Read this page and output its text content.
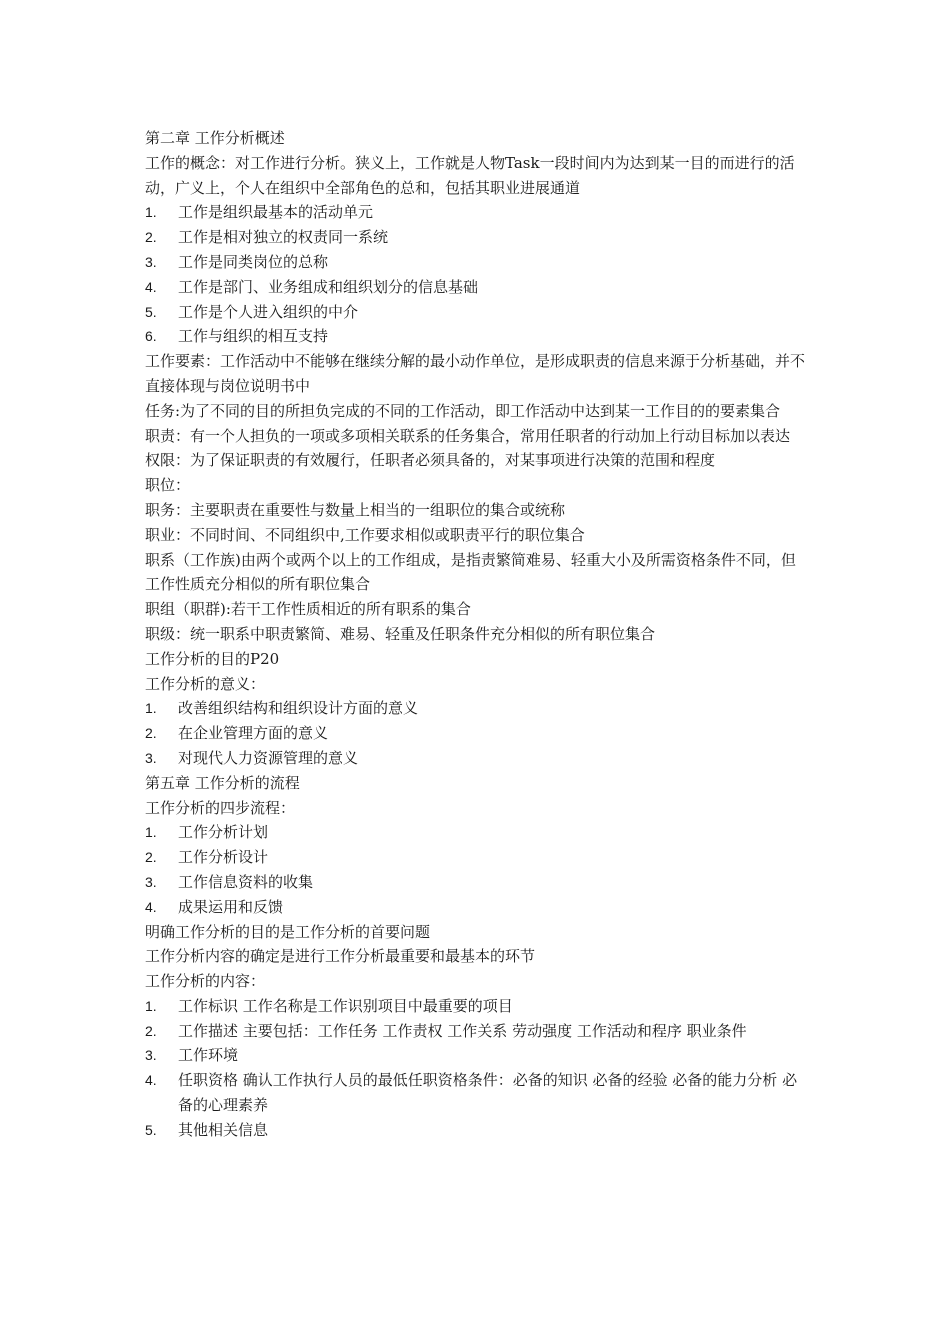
第二章 工作分析概述

工作的概念：对工作进行分析。狭义上，工作就是人物Task一段时间内为达到某一目的而进行的活动，广义上，个人在组织中全部角色的总和，包括其职业进展通道

1.	工作是组织最基本的活动单元
2.	工作是相对独立的权责同一系统
3.	工作是同类岗位的总称
4.	工作是部门、业务组成和组织划分的信息基础
5.	工作是个人进入组织的中介
6.	工作与组织的相互支持

工作要素：工作活动中不能够在继续分解的最小动作单位，是形成职责的信息来源于分析基础，并不直接体现与岗位说明书中

任务:为了不同的目的所担负完成的不同的工作活动，即工作活动中达到某一工作目的的要素集合

职责：有一个人担负的一项或多项相关联系的任务集合，常用任职者的行动加上行动目标加以表达

权限：为了保证职责的有效履行，任职者必须具备的，对某事项进行决策的范围和程度

职位：

职务：主要职责在重要性与数量上相当的一组职位的集合或统称

职业：不同时间、不同组织中,工作要求相似或职责平行的职位集合

职系（工作族)由两个或两个以上的工作组成，是指责繁简难易、轻重大小及所需资格条件不同，但工作性质充分相似的所有职位集合

职组（职群):若干工作性质相近的所有职系的集合

职级：统一职系中职责繁简、难易、轻重及任职条件充分相似的所有职位集合

工作分析的目的P20

工作分析的意义：

1.	改善组织结构和组织设计方面的意义
2.	在企业管理方面的意义
3.	对现代人力资源管理的意义

第五章 工作分析的流程

工作分析的四步流程：

1.	工作分析计划
2.	工作分析设计
3.	工作信息资料的收集
4.	成果运用和反馈

明确工作分析的目的是工作分析的首要问题

工作分析内容的确定是进行工作分析最重要和最基本的环节

工作分析的内容：

1.	工作标识 工作名称是工作识别项目中最重要的项目
2.	工作描述 主要包括：工作任务 工作责权 工作关系 劳动强度 工作活动和程序 职业条件
3.	工作环境
4.	任职资格 确认工作执行人员的最低任职资格条件：必备的知识 必备的经验 必备的能力分析 必备的心理素养
5.	其他相关信息
